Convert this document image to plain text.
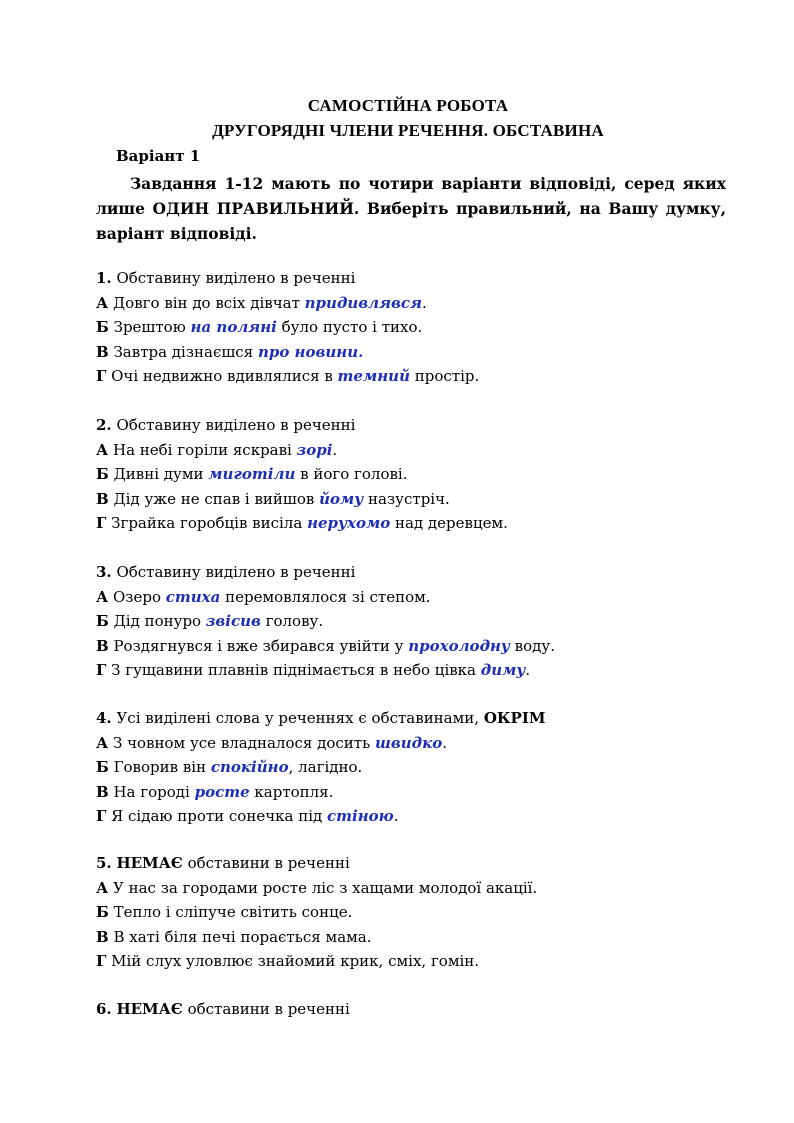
САМОСТІЙНА РОБОТА
ДРУГОРЯДНІ ЧЛЕНИ РЕЧЕННЯ. ОБСТАВИНА
Варіант 1

Завдання 1-12 мають по чотири варіанти відповіді, серед яких лише ОДИН ПРАВИЛЬНИЙ. Виберіть правильний, на Вашу думку, варіант відповіді.

1. Обставину виділено в реченні
А Довго він до всіх дівчат придивлявся.
Б Зрештою на поляні було пусто і тихо.
В Завтра дізнаєшся про новини.
Г Очі недвижно вдивлялися в темний простір.
2. Обставину виділено в реченні
А На небі горіли яскраві зорі.
Б Дивні думи миготіли в його голові.
В Дід уже не спав і вийшов йому назустріч.
Г Зграйка горобців висіла нерухомо над деревцем.
3. Обставину виділено в реченні
А Озеро стиха перемовлялося зі степом.
Б Дід понуро звісив голову.
В Роздягнувся і вже збирався увійти у прохолодну воду.
Г З гущавини плавнів піднімається в небо цівка диму.
4. Усі виділені слова у реченнях є обставинами, ОКРІМ
А З човном усе владналося досить швидко.
Б Говорив він спокійно, лагідно.
В На городі росте картопля.
Г Я сідаю проти сонечка під стіною.
5. НЕМАЄ обставини в реченні
А У нас за городами росте ліс з хащами молодої акації.
Б Тепло і сліпуче світить сонце.
В В хаті біля печі порається мама.
Г Мій слух уловлює знайомий крик, сміх, гомін.
6. НЕМАЄ обставини в реченні
